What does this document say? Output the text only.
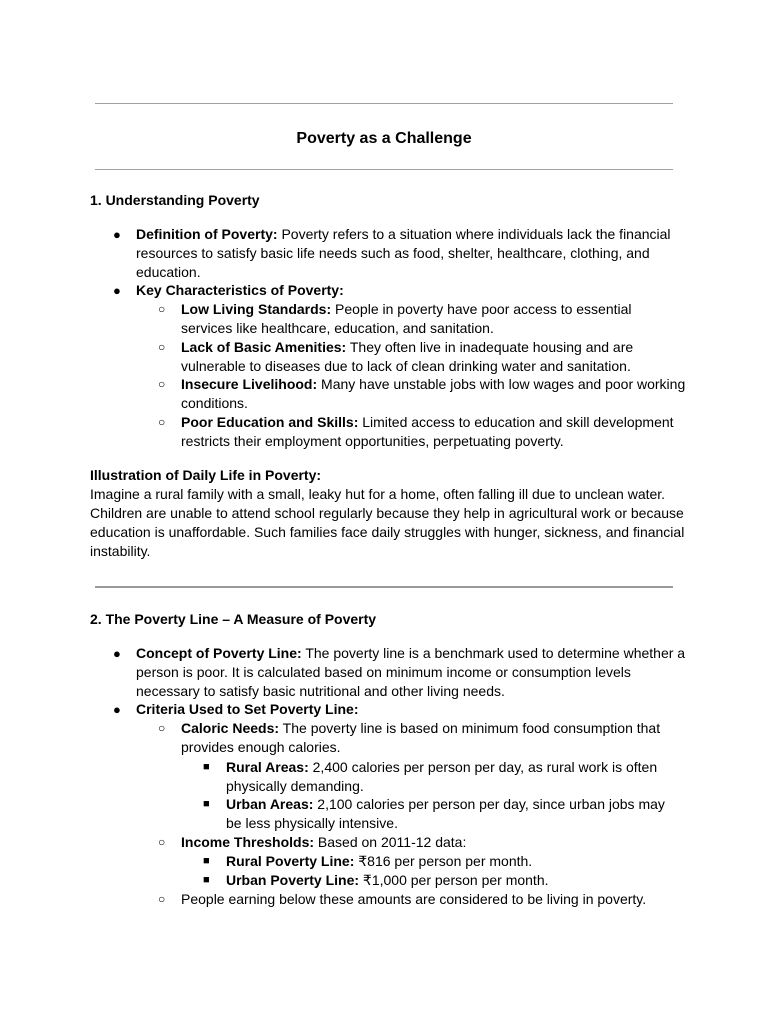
Poverty as a Challenge
1. Understanding Poverty
● Definition of Poverty: Poverty refers to a situation where individuals lack the financial
resources to satisfy basic life needs such as food, shelter, healthcare, clothing, and
education.
● Key Characteristics of Poverty:
○ Low Living Standards: People in poverty have poor access to essential
services like healthcare, education, and sanitation.
○ Lack of Basic Amenities: They often live in inadequate housing and are
vulnerable to diseases due to lack of clean drinking water and sanitation.
○ Insecure Livelihood: Many have unstable jobs with low wages and poor working
conditions.
○ Poor Education and Skills: Limited access to education and skill development
restricts their employment opportunities, perpetuating poverty.
Illustration of Daily Life in Poverty:
Imagine a rural family with a small, leaky hut for a home, often falling ill due to unclean water.
Children are unable to attend school regularly because they help in agricultural work or because
education is unaffordable. Such families face daily struggles with hunger, sickness, and financial
instability.
2. The Poverty Line – A Measure of Poverty
● Concept of Poverty Line: The poverty line is a benchmark used to determine whether a
person is poor. It is calculated based on minimum income or consumption levels
necessary to satisfy basic nutritional and other living needs.
● Criteria Used to Set Poverty Line:
○ Caloric Needs: The poverty line is based on minimum food consumption that
provides enough calories.
■ Rural Areas: 2,400 calories per person per day, as rural work is often
physically demanding.
■ Urban Areas: 2,100 calories per person per day, since urban jobs may
be less physically intensive.
○ Income Thresholds: Based on 2011-12 data:
■ Rural Poverty Line: ₹816 per person per month.
■ Urban Poverty Line: ₹1,000 per person per month.
○ People earning below these amounts are considered to be living in poverty.
